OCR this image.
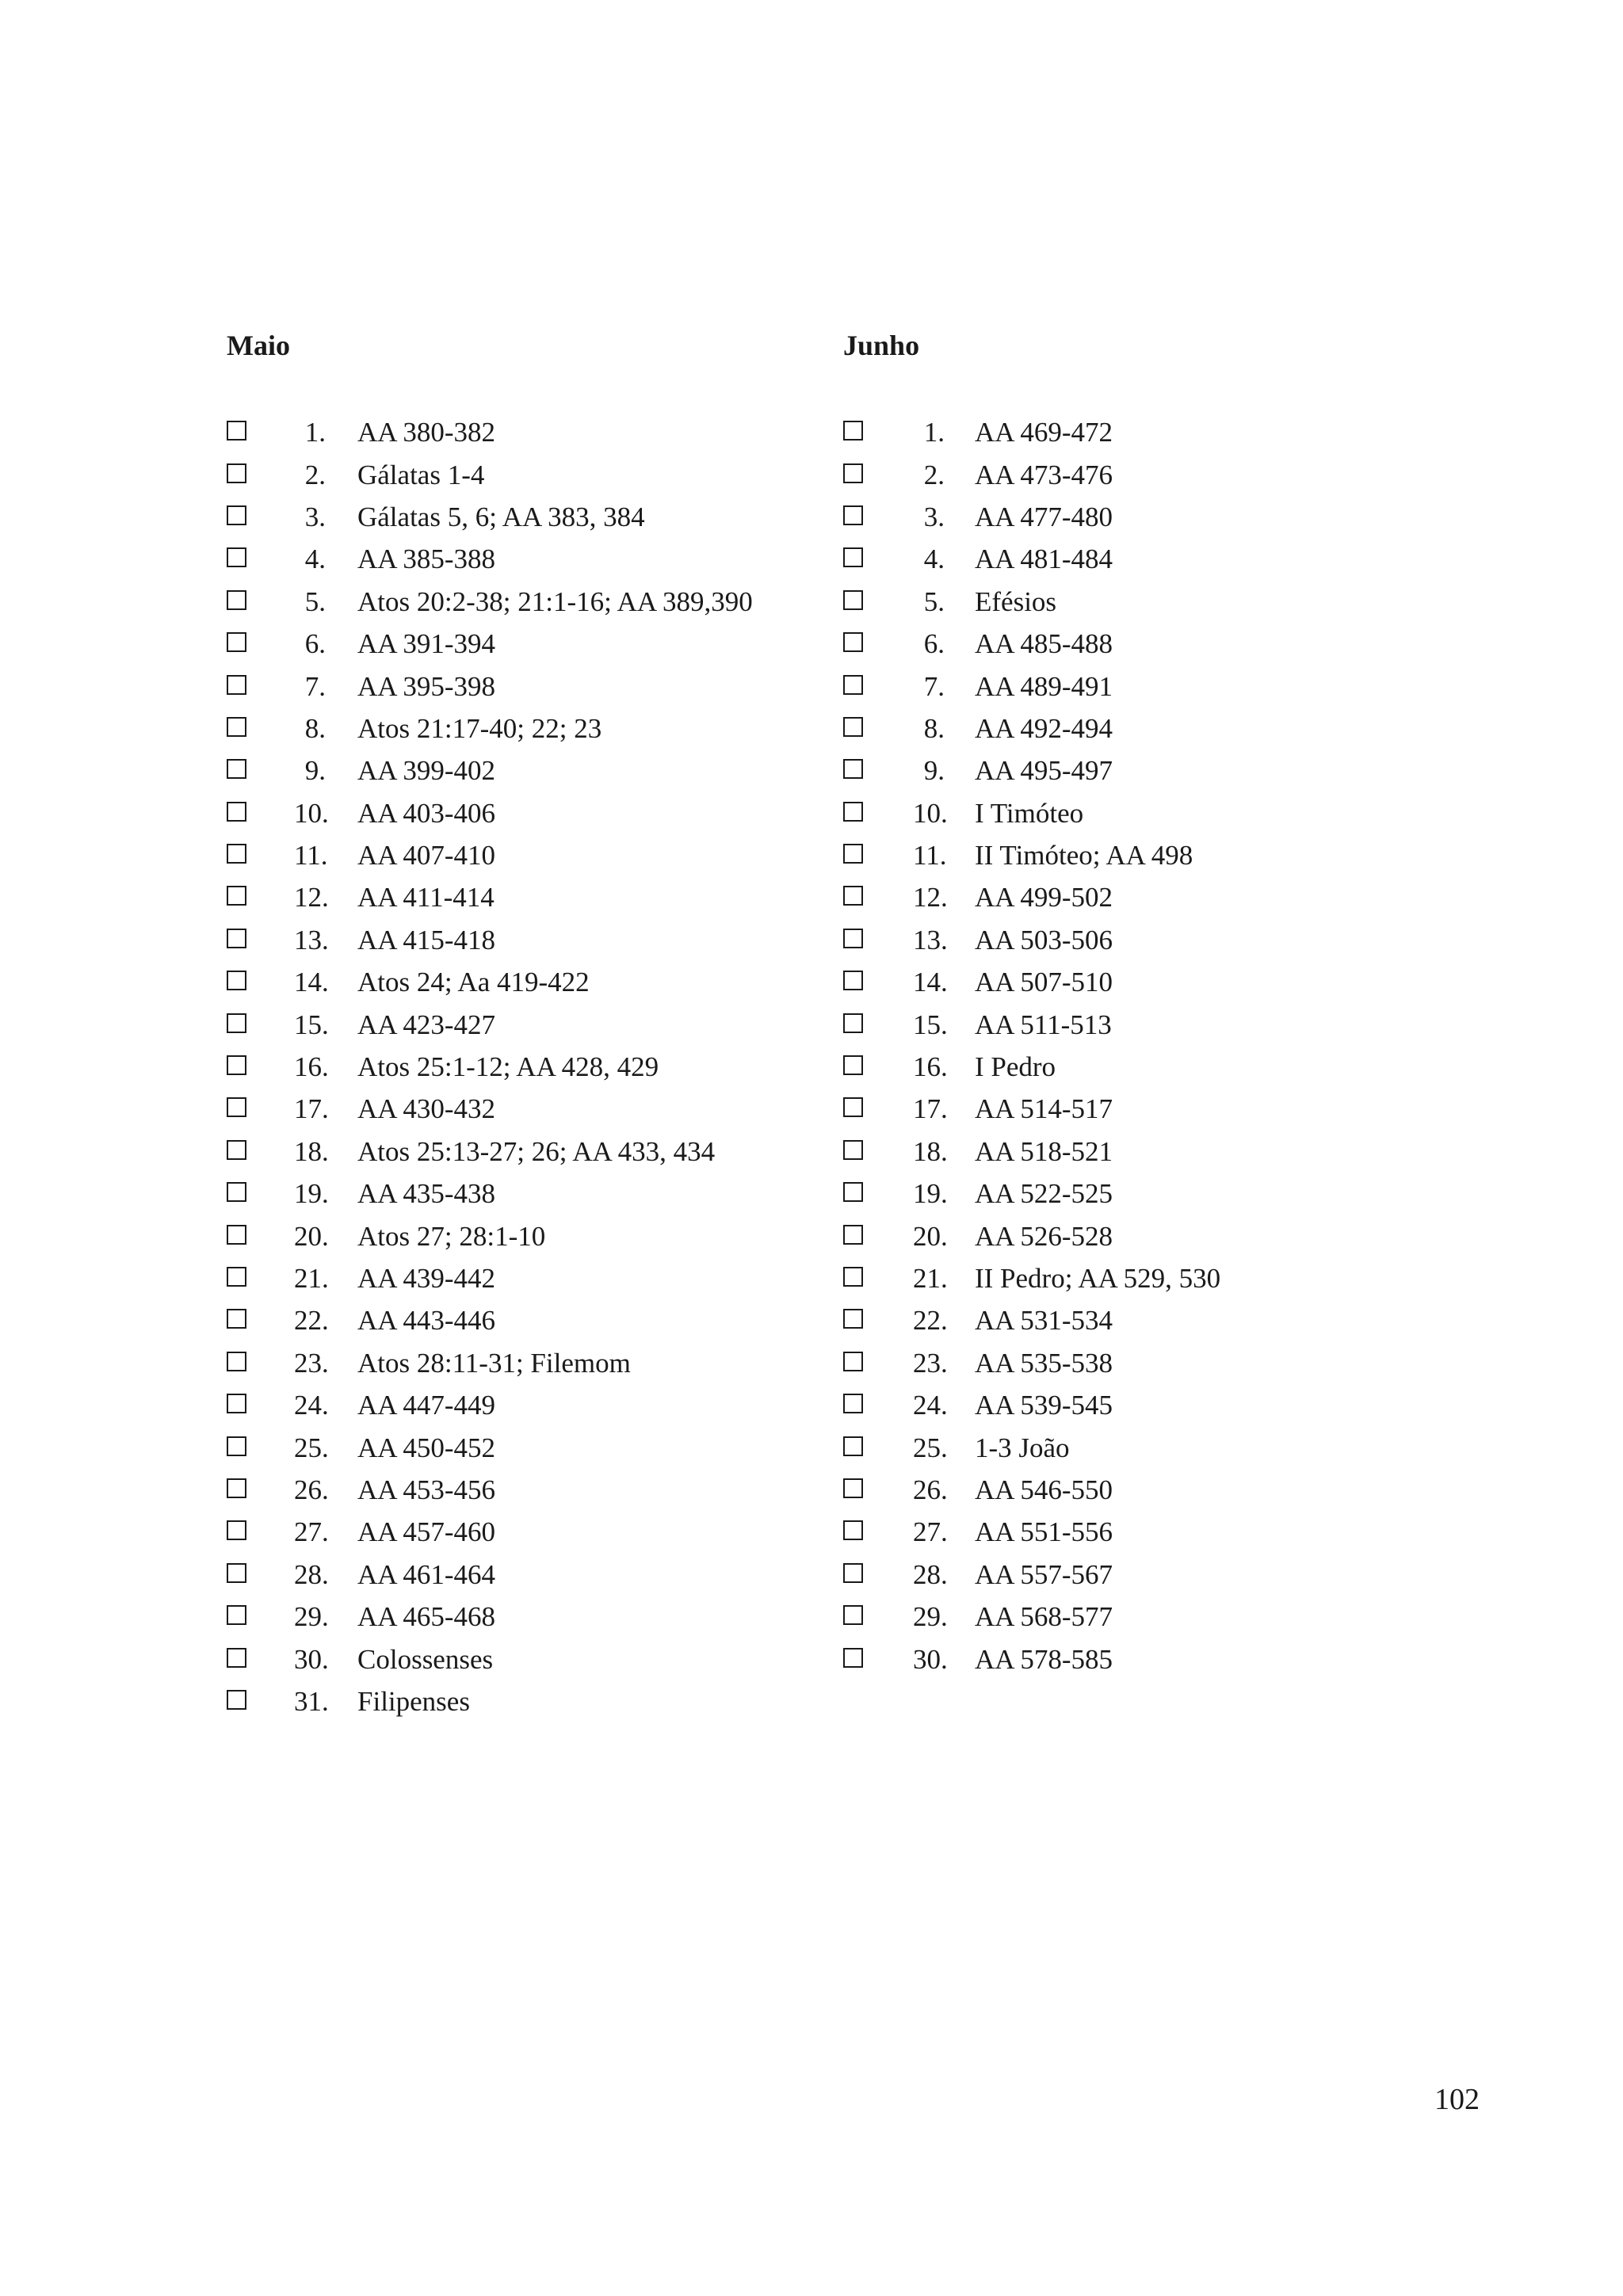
Maio
1. AA 380-382
2. Gálatas 1-4
3. Gálatas 5, 6; AA 383, 384
4. AA 385-388
5. Atos 20:2-38; 21:1-16; AA 389,390
6. AA 391-394
7. AA 395-398
8. Atos 21:17-40; 22; 23
9. AA 399-402
10. AA 403-406
11. AA 407-410
12. AA 411-414
13. AA 415-418
14. Atos 24; Aa 419-422
15. AA 423-427
16. Atos 25:1-12; AA 428, 429
17. AA 430-432
18. Atos 25:13-27; 26; AA 433, 434
19. AA 435-438
20. Atos 27; 28:1-10
21. AA 439-442
22. AA 443-446
23. Atos 28:11-31; Filemom
24. AA 447-449
25. AA 450-452
26. AA 453-456
27. AA 457-460
28. AA 461-464
29. AA 465-468
30. Colossenses
31. Filipenses
Junho
1. AA 469-472
2. AA 473-476
3. AA 477-480
4. AA 481-484
5. Efésios
6. AA 485-488
7. AA 489-491
8. AA 492-494
9. AA 495-497
10. I Timóteo
11. II Timóteo; AA 498
12. AA 499-502
13. AA 503-506
14. AA 507-510
15. AA 511-513
16. I Pedro
17. AA 514-517
18. AA 518-521
19. AA 522-525
20. AA 526-528
21. II Pedro; AA 529, 530
22. AA 531-534
23. AA 535-538
24. AA 539-545
25. 1-3 João
26. AA 546-550
27. AA 551-556
28. AA 557-567
29. AA 568-577
30. AA 578-585
102
